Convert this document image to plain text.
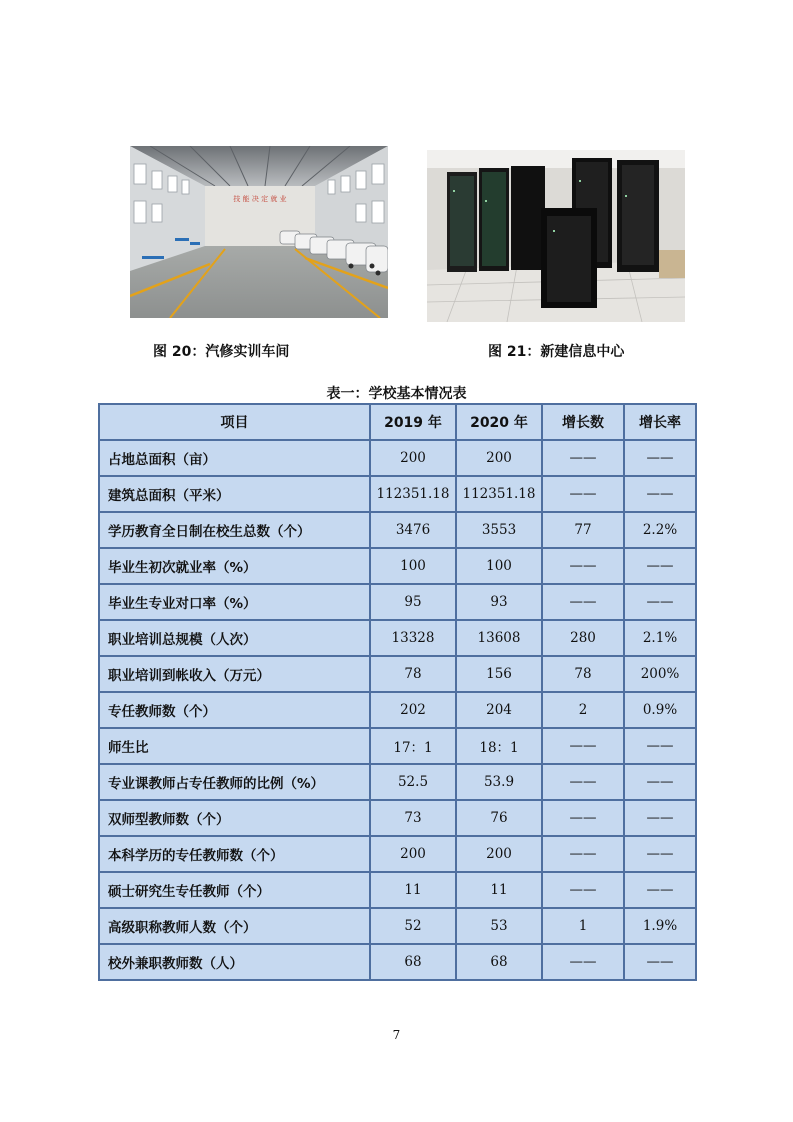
技 能 决 定 就 业
图 20：汽修实训车间	图 21：新建信息中心
表一：学校基本情况表
项目	2019 年	2020 年	增长数	增长率
占地总面积（亩）	200	200	——	——
建筑总面积（平米）	112351.18	112351.18	——	——
学历教育全日制在校生总数（个）	3476	3553	77	2.2%
毕业生初次就业率（%）	100	100	——	——
毕业生专业对口率（%）	95	93	——	——
职业培训总规模（人次）	13328	13608	280	2.1%
职业培训到帐收入（万元）	78	156	78	200%
专任教师数（个）	202	204	2	0.9%
师生比	17：1	18：1	——	——
专业课教师占专任教师的比例（%）	52.5	53.9	——	——
双师型教师数（个）	73	76	——	——
本科学历的专任教师数（个）	200	200	——	——
硕士研究生专任教师（个）	11	11	——	——
高级职称教师人数（个）	52	53	1	1.9%
校外兼职教师数（人）	68	68	——	——
7
